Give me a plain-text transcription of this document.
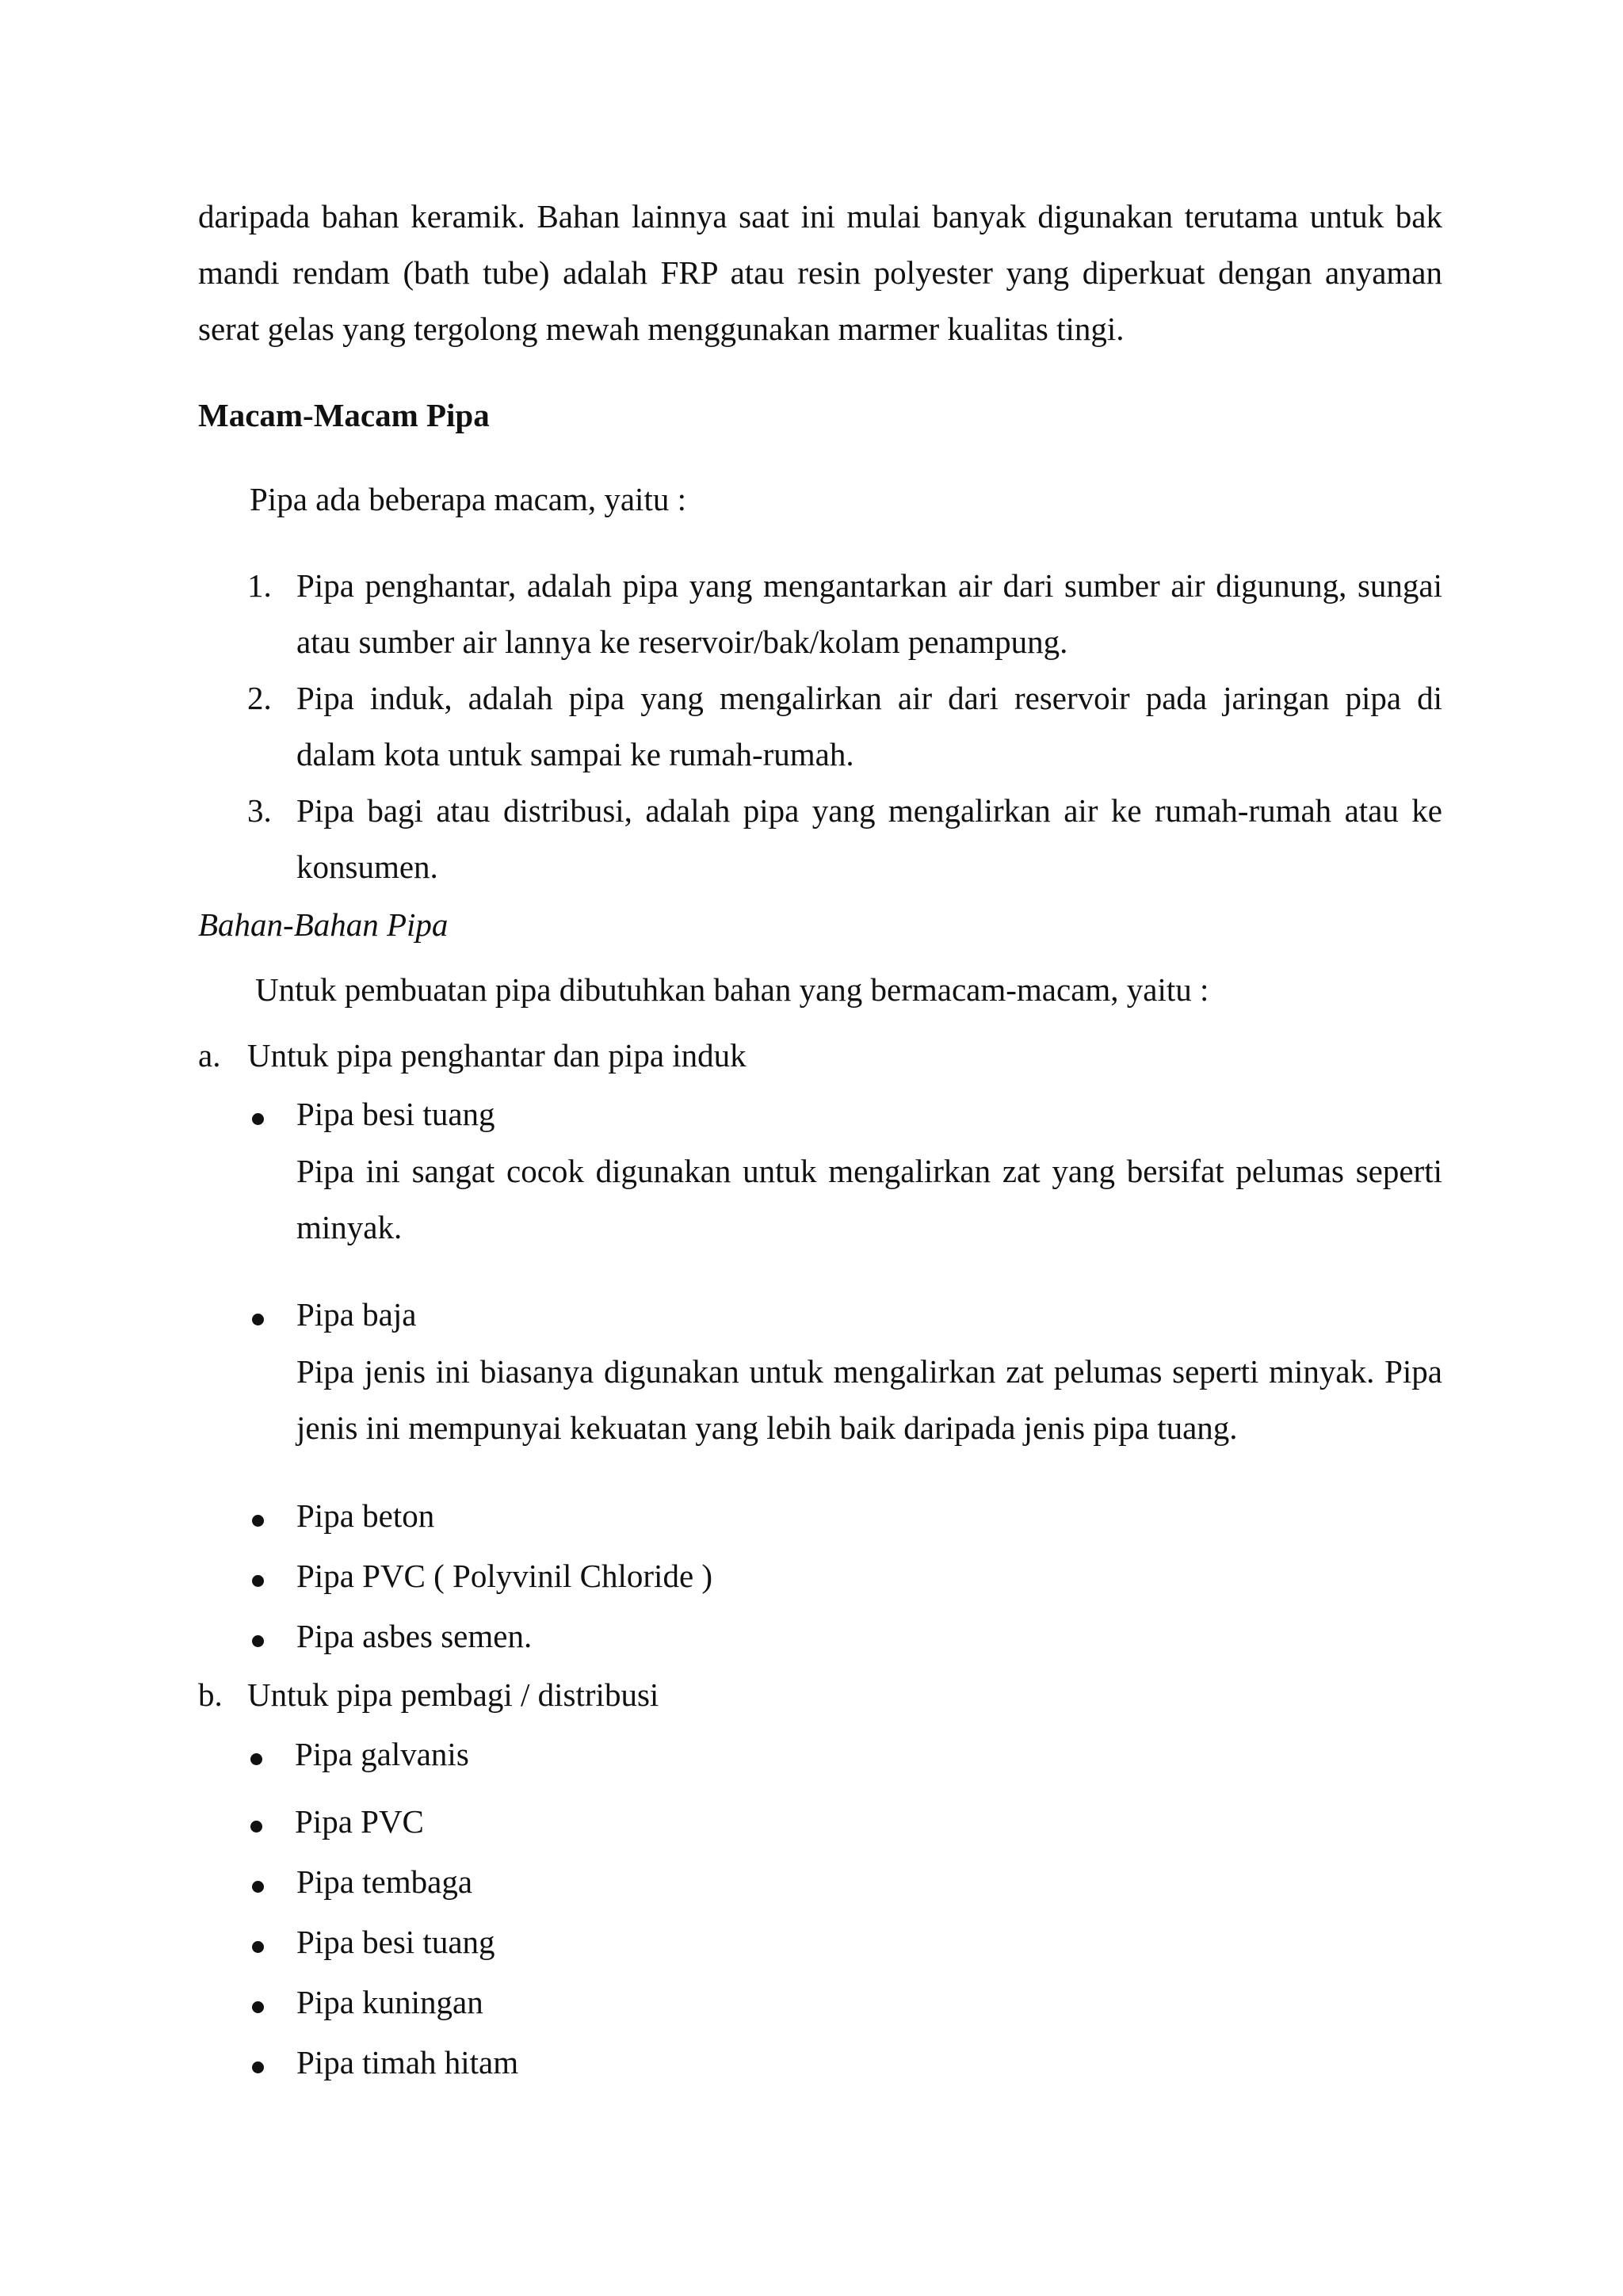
daripada bahan keramik. Bahan lainnya saat ini mulai banyak digunakan terutama untuk bak
mandi rendam (bath tube) adalah FRP atau resin polyester yang diperkuat dengan anyaman
serat gelas yang tergolong mewah menggunakan marmer kualitas tingi.
Macam-Macam Pipa
Pipa ada beberapa macam, yaitu :
1. Pipa penghantar, adalah pipa yang mengantarkan air dari sumber air digunung, sungai
atau sumber air lannya ke reservoir/bak/kolam penampung.
2. Pipa induk, adalah pipa yang mengalirkan air dari reservoir pada jaringan pipa di
dalam kota untuk sampai ke rumah-rumah.
3. Pipa bagi atau distribusi, adalah pipa yang mengalirkan air ke rumah-rumah atau ke
konsumen.
Bahan-Bahan Pipa
Untuk pembuatan pipa dibutuhkan bahan yang bermacam-macam, yaitu :
a. Untuk pipa penghantar dan pipa induk
Pipa besi tuang
Pipa ini sangat cocok digunakan untuk mengalirkan zat yang bersifat pelumas seperti
minyak.
Pipa baja
Pipa jenis ini biasanya digunakan untuk mengalirkan zat pelumas seperti minyak. Pipa
jenis ini mempunyai kekuatan yang lebih baik daripada jenis pipa tuang.
Pipa beton
Pipa PVC ( Polyvinil Chloride )
Pipa asbes semen.
b. Untuk pipa pembagi / distribusi
Pipa galvanis
Pipa PVC
Pipa tembaga
Pipa besi tuang
Pipa kuningan
Pipa timah hitam
